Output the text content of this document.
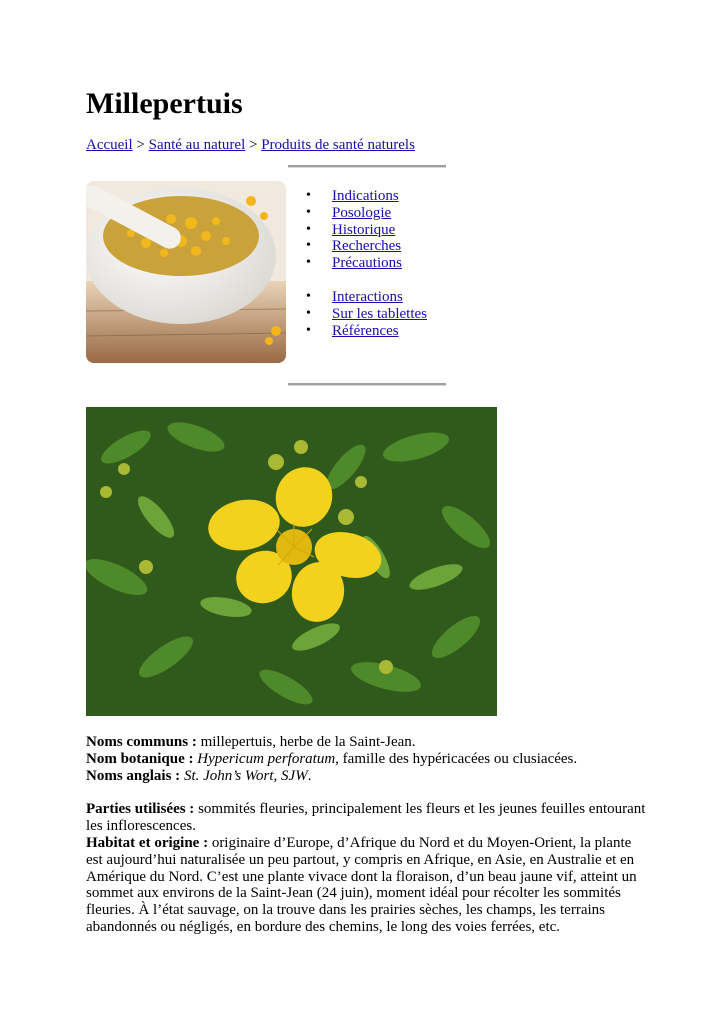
Millepertuis
Accueil > Santé au naturel > Produits de santé naturels
• Indications
• Posologie
• Historique
• Recherches
• Précautions
• Interactions
• Sur les tablettes
• Références

Noms communs : millepertuis, herbe de la Saint-Jean.

Nom botanique : Hypericum perforatum, famille des hypéricacées ou clusiacées.

Noms anglais : St. John’s Wort, SJW.

Parties utilisées : sommités fleuries, principalement les fleurs et les jeunes feuilles entourant les inflorescences.

Habitat et origine : originaire d’Europe, d’Afrique du Nord et du Moyen-Orient, la plante est aujourd’hui naturalisée un peu partout, y compris en Afrique, en Asie, en Australie et en Amérique du Nord. C’est une plante vivace dont la floraison, d’un beau jaune vif, atteint un sommet aux environs de la Saint-Jean (24 juin), moment idéal pour récolter les sommités fleuries. À l’état sauvage, on la trouve dans les prairies sèches, les champs, les terrains abandonnés ou négligés, en bordure des chemins, le long des voies ferrées, etc.
